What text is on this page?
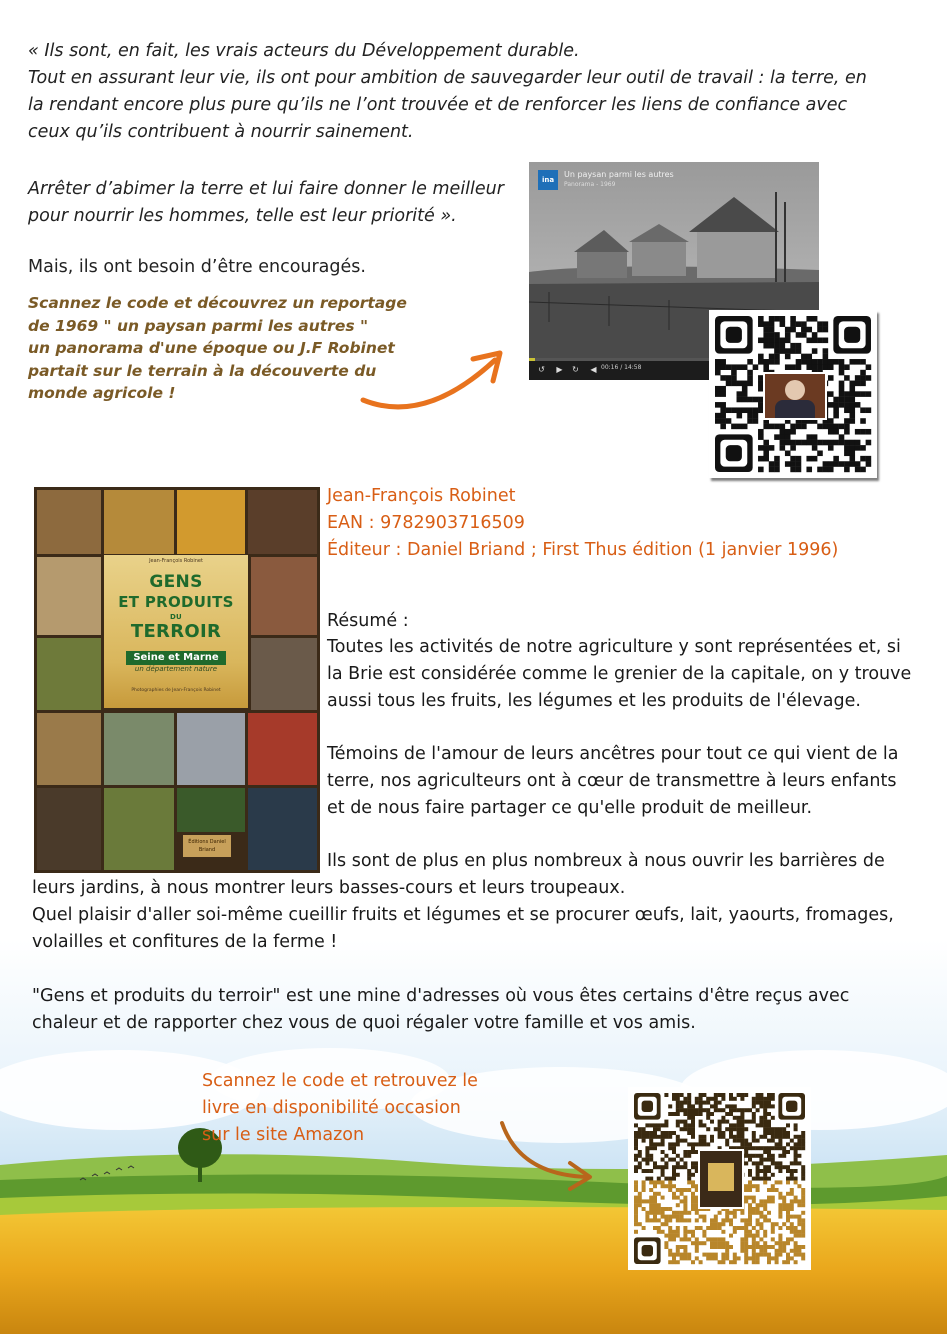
« Ils sont, en fait, les vrais acteurs du Développement durable.
Tout en assurant leur vie, ils ont pour ambition de sauvegarder leur outil de travail : la terre, en
la rendant encore plus pure qu’ils ne l’ont trouvée et de renforcer les liens de confiance avec
ceux qu’ils contribuent à nourrir sainement.
Arrêter d’abimer la terre et lui faire donner le meilleur
pour nourrir les hommes, telle est leur priorité ».
Mais, ils ont besoin d’être encouragés.
Scannez le code et découvrez un reportage
de 1969 " un paysan parmi les autres "
un panorama d'une époque ou J.F Robinet
partait sur le terrain à la découverte du
monde agricole !
ina
Un paysan parmi les autres
Panorama - 1969
↺ ▶ ↻ ◀ 00:16 / 14:58
Jean-François Robinet
GENS
ET PRODUITS
DU
TERROIR
Seine et Marne
un département nature
Photographies de Jean-François Robinet
Éditions Daniel Briand
Jean-François Robinet
EAN : 9782903716509
Éditeur : Daniel Briand ; First Thus édition (1 janvier 1996)
Résumé :
Toutes les activités de notre agriculture y sont représentées et, si
la Brie est considérée comme le grenier de la capitale, on y trouve
aussi tous les fruits, les légumes et les produits de l'élevage.
Témoins de l'amour de leurs ancêtres pour tout ce qui vient de la
terre, nos agriculteurs ont à cœur de transmettre à leurs enfants
et de nous faire partager ce qu'elle produit de meilleur.
Ils sont de plus en plus nombreux à nous ouvrir les barrières de
leurs jardins, à nous montrer leurs basses-cours et leurs troupeaux.
Quel plaisir d'aller soi-même cueillir fruits et légumes et se procurer œufs, lait, yaourts, fromages,
volailles et confitures de la ferme !
"Gens et produits du terroir" est une mine d'adresses où vous êtes certains d'être reçus avec
chaleur et de rapporter chez vous de quoi régaler votre famille et vos amis.
Scannez le code et retrouvez le
livre en disponibilité occasion
sur le site Amazon
